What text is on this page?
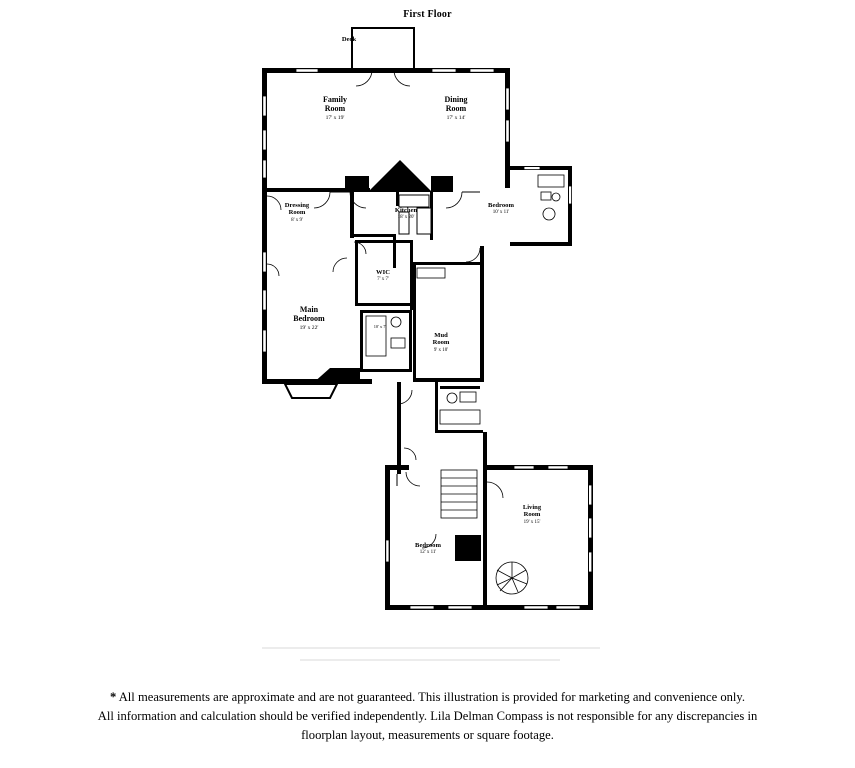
First Floor
Deck
Family
Room
17' x 19'
Dining
Room
17' x 14'
Kitchen
18' x 20'
Dressing
Room
8' x 9'
Bedroom
10' x 11'
WIC
7' x 7'
Main
Bedroom
19' x 22'	10' x 7'
Mud
Room
9' x 10'
Living
Room
19' x 15'
Bedroom
12' x 11'
* All measurements are approximate and are not guaranteed. This illustration is provided for marketing and convenience only.
All information and calculation should be verified independently. Lila Delman Compass is not responsible for any discrepancies in
floorplan layout, measurements or square footage.
